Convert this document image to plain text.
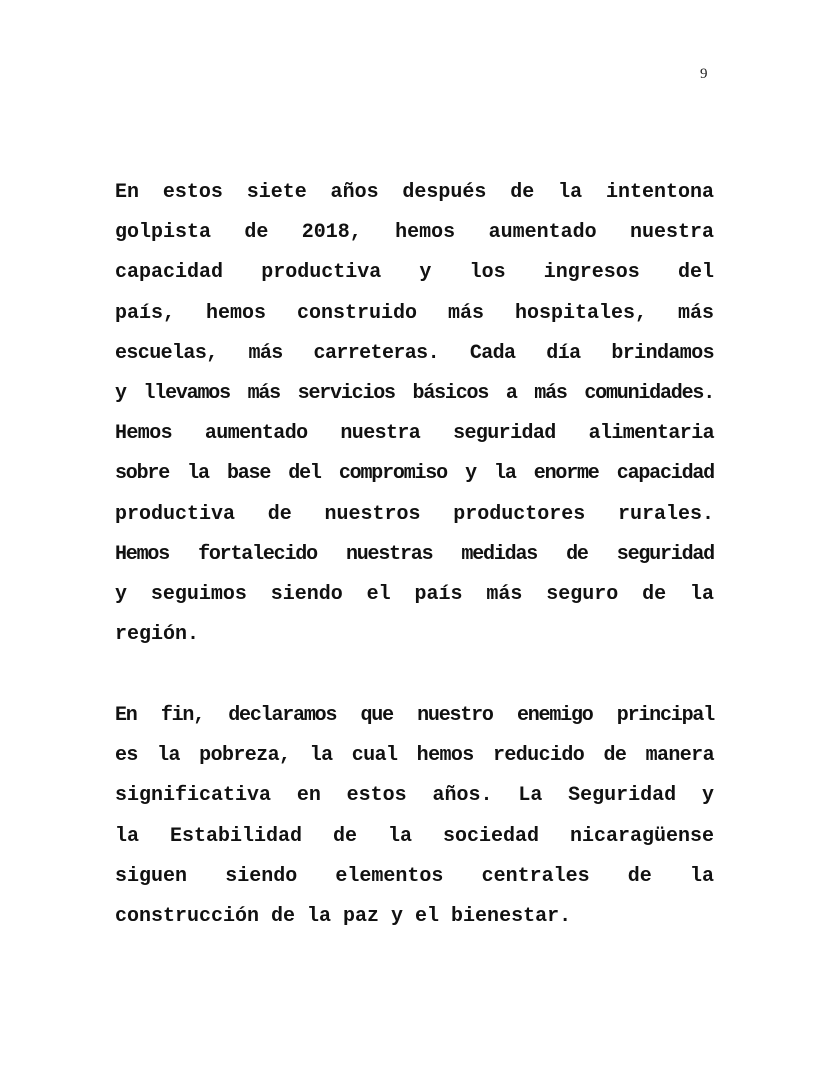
9
En estos siete años después de la intentona
golpista de 2018, hemos aumentado nuestra
capacidad productiva y los ingresos del
país, hemos construido más hospitales, más
escuelas, más carreteras. Cada día brindamos
y llevamos más servicios básicos a más comunidades.
Hemos aumentado nuestra seguridad alimentaria
sobre la base del compromiso y la enorme capacidad
productiva de nuestros productores rurales.
Hemos fortalecido nuestras medidas de seguridad
y seguimos siendo el país más seguro de la
región.
En fin, declaramos que nuestro enemigo principal
es la pobreza, la cual hemos reducido de manera
significativa en estos años. La Seguridad y
la Estabilidad de la sociedad nicaragüense
siguen siendo elementos centrales de la
construcción de la paz y el bienestar.
